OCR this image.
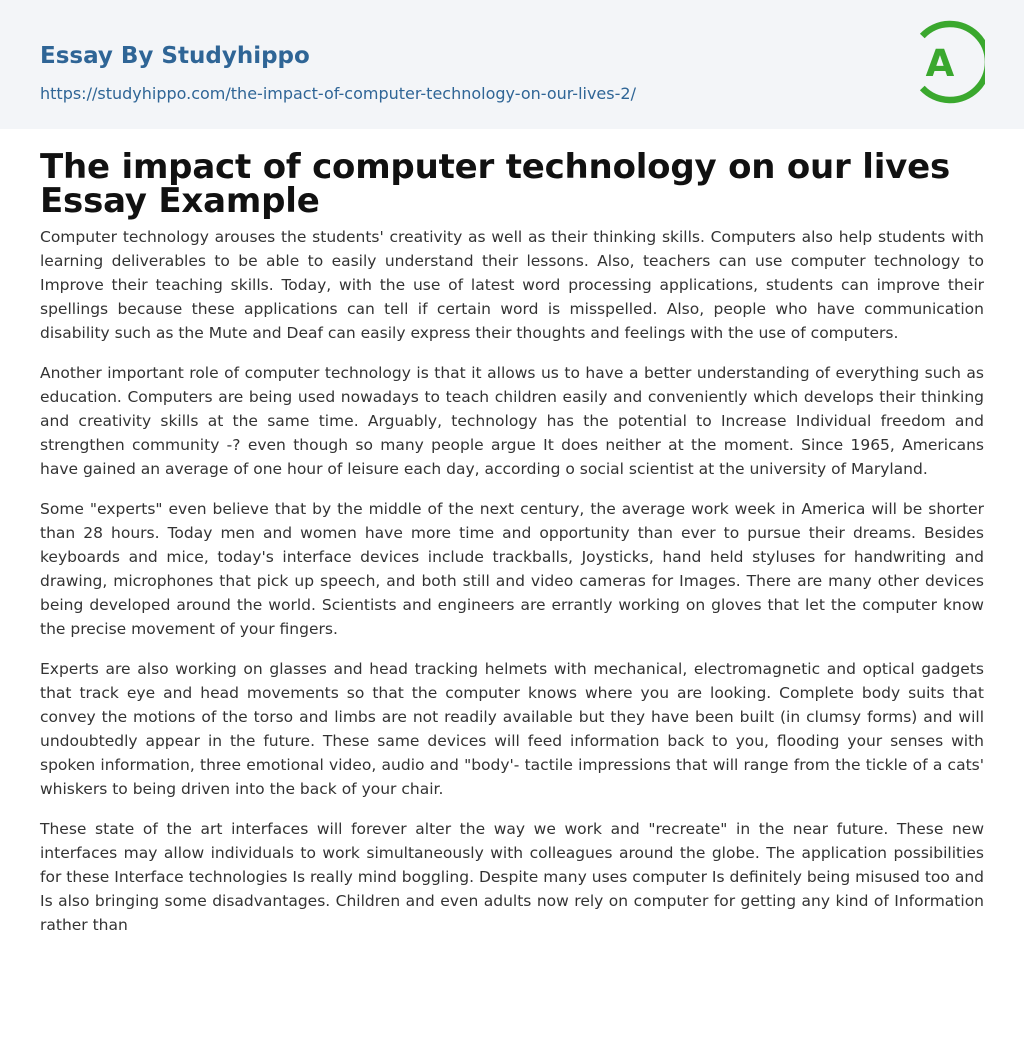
Essay By Studyhippo
https://studyhippo.com/the-impact-of-computer-technology-on-our-lives-2/
A
The impact of computer technology on our lives Essay Example

Computer technology arouses the students' creativity as well as their thinking skills. Computers also help students with learning deliverables to be able to easily understand their lessons. Also, teachers can use computer technology to Improve their teaching skills. Today, with the use of latest word processing applications, students can improve their spellings because these applications can tell if certain word is misspelled. Also, people who have communication disability such as the Mute and Deaf can easily express their thoughts and feelings with the use of computers.

Another important role of computer technology is that it allows us to have a better understanding of everything such as education. Computers are being used nowadays to teach children easily and conveniently which develops their thinking and creativity skills at the same time. Arguably, technology has the potential to Increase Individual freedom and strengthen community -? even though so many people argue It does neither at the moment. Since 1965, Americans have gained an average of one hour of leisure each day, according o social scientist at the university of Maryland.

Some "experts" even believe that by the middle of the next century, the average work week in America will be shorter than 28 hours. Today men and women have more time and opportunity than ever to pursue their dreams. Besides keyboards and mice, today's interface devices include trackballs, Joysticks, hand held styluses for handwriting and drawing, microphones that pick up speech, and both still and video cameras for Images. There are many other devices being developed around the world. Scientists and engineers are errantly working on gloves that let the computer know the precise movement of your fingers.

Experts are also working on glasses and head tracking helmets with mechanical, electromagnetic and optical gadgets that track eye and head movements so that the computer knows where you are looking. Complete body suits that convey the motions of the torso and limbs are not readily available but they have been built (in clumsy forms) and will undoubtedly appear in the future. These same devices will feed information back to you, flooding your senses with spoken information, three emotional video, audio and "body'- tactile impressions that will range from the tickle of a cats' whiskers to being driven into the back of your chair.

These state of the art interfaces will forever alter the way we work and "recreate" in the near future. These new interfaces may allow individuals to work simultaneously with colleagues around the globe. The application possibilities for these Interface technologies Is really mind boggling. Despite many uses computer Is definitely being misused too and Is also bringing some disadvantages. Children and even adults now rely on computer for getting any kind of Information rather than
